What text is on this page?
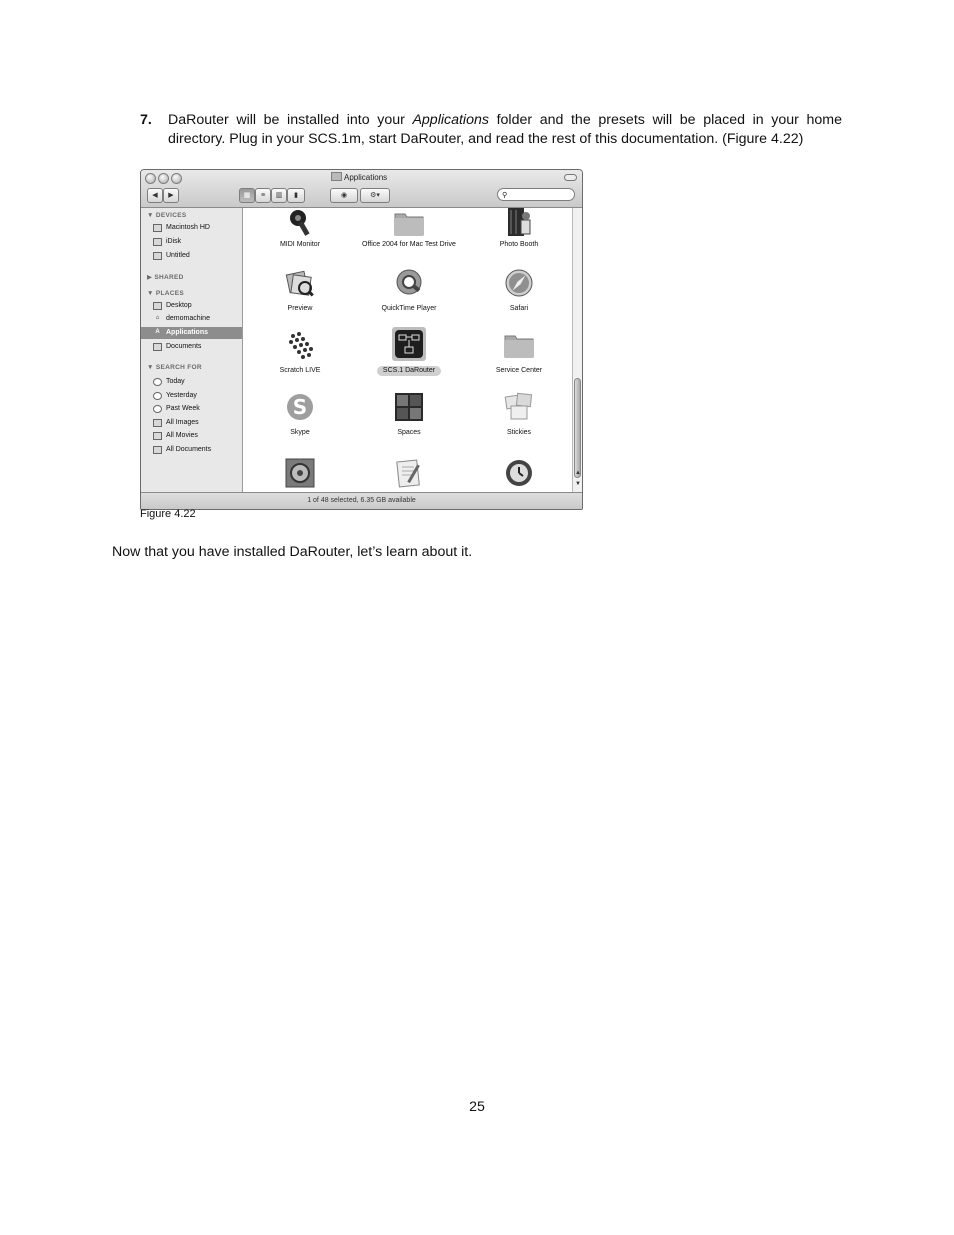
7. DaRouter will be installed into your Applications folder and the presets will be placed in your home directory. Plug in your SCS.1m, start DaRouter, and read the rest of this documentation. (Figure 4.22)
Applications
◀	▶	▦	≡	▥	▮	◉	⚙▾	⚲
▼ DEVICES
Macintosh HD
iDisk
Untitled
▶ SHARED
▼ PLACES
Desktop
⌂ demomachine
A Applications
Documents
▼ SEARCH FOR
Today
Yesterday
Past Week
All Images
All Movies
All Documents
MIDI Monitor	Office 2004 for Mac Test Drive	Photo Booth
Preview	QuickTime Player	Safari
Scratch LIVE	SCS.1 DaRouter	Service Center
S
Skype	Spaces	Stickies
▲
▼
1 of 48 selected, 6.35 GB available
Figure 4.22
Now that you have installed DaRouter, let’s learn about it.
25
